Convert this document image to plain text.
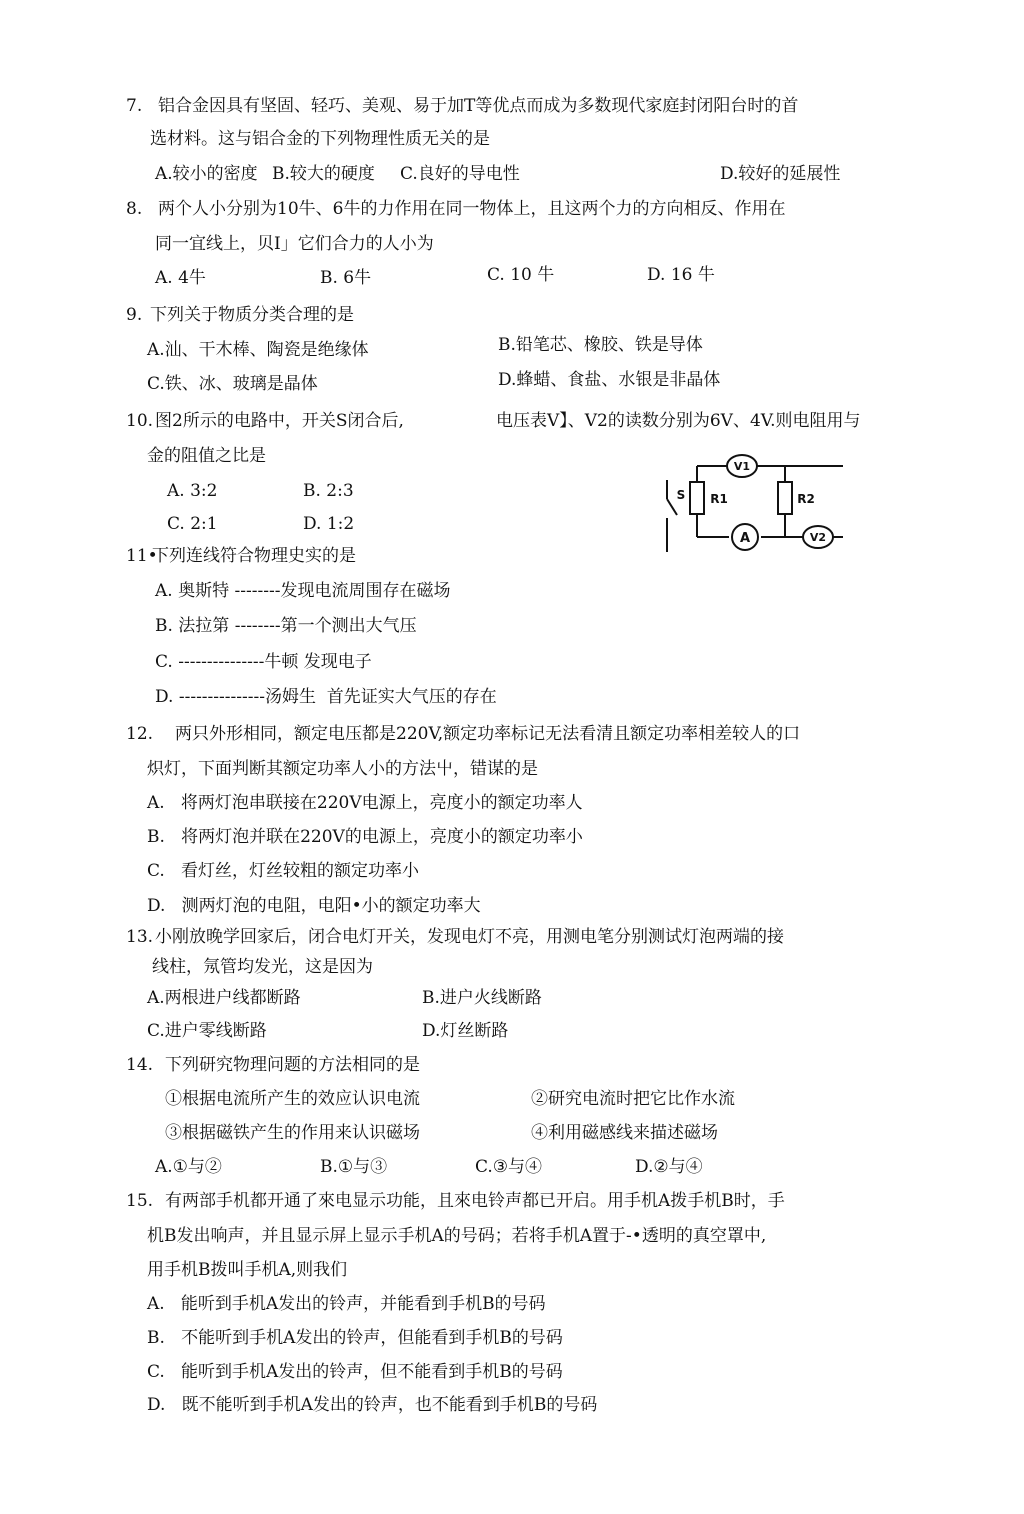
7. 铝合金因具有坚固、轻巧、美观、易于加T等优点而成为多数现代家庭封闭阳台时的首
选材料。这与铝合金的下列物理性质无关的是
A.较小的密度 B.较大的硬度 C.良好的导电性	D.较好的延展性
8. 两个人小分别为10牛、6牛的力作用在同一物体上，且这两个力的方向相反、作用在
同一宜线上，贝I」它们合力的人小为
A. 4牛	B. 6牛	C. 10 牛	D. 16 牛
9. 下列关于物质分类合理的是
A.汕、干木棒、陶瓷是绝缘体	B.铅笔芯、橡胶、铁是导体
C.铁、冰、玻璃是晶体	D.蜂蜡、食盐、水银是非晶体
10. 图2所示的电路中，开关S闭合后,	电压表V】、V2的读数分别为6V、4V.则电阻用与
金的阻值之比是
A. 3:2	B. 2:3
C. 2:1	D. 1:2
V1
V2
A
R1	R2
S
11•
下列连线符合物理史实的是
A. 奥斯特 --------发现电流周围存在磁场
B. 法拉第 --------第一个测出大气压
C. ---------------牛顿 发现电子
D. ---------------汤姆生  首先证实大气压的存在
12. 两只外形相同，额定电压都是220V,额定功率标记无法看清且额定功率相差较人的口
炽灯，下面判断其额定功率人小的方法屮，错谋的是
A.   将两灯泡串联接在220V电源上，亮度小的额定功率人
B.   将两灯泡并联在220V的电源上，亮度小的额定功率小
C.   看灯丝，灯丝较粗的额定功率小
D.   测两灯泡的电阻，电阳•小的额定功率大
13. 小刚放晚学回家后，闭合电灯开关，发现电灯不亮，用测电笔分别测试灯泡两端的接
线柱，氖管均发光，这是因为
A.两根进户线都断路	B.进户火线断路
C.进户零线断路	D.灯丝断路
14. 下列研究物理问题的方法相同的是
①根据电流所产生的效应认识电流	②研究电流时把它比作水流
③根据磁铁产生的作用来认识磁场	④利用磁感线来描述磁场
A.①与②	B.①与③	C.③与④	D.②与④
15. 有两部手机都开通了來电显示功能，且來电铃声都已开启。用手机A拨手机B时，手
机B发出响声，并且显示屏上显示手机A的号码；若将手机A置于-•透明的真空罩中,
用手机B拨叫手机A,则我们
A.   能听到手机A发出的铃声，并能看到手机B的号码
B.   不能听到手机A发出的铃声，但能看到手机B的号码
C.   能听到手机A发出的铃声，但不能看到手机B的号码
D.   既不能听到手机A发出的铃声，也不能看到手机B的号码
